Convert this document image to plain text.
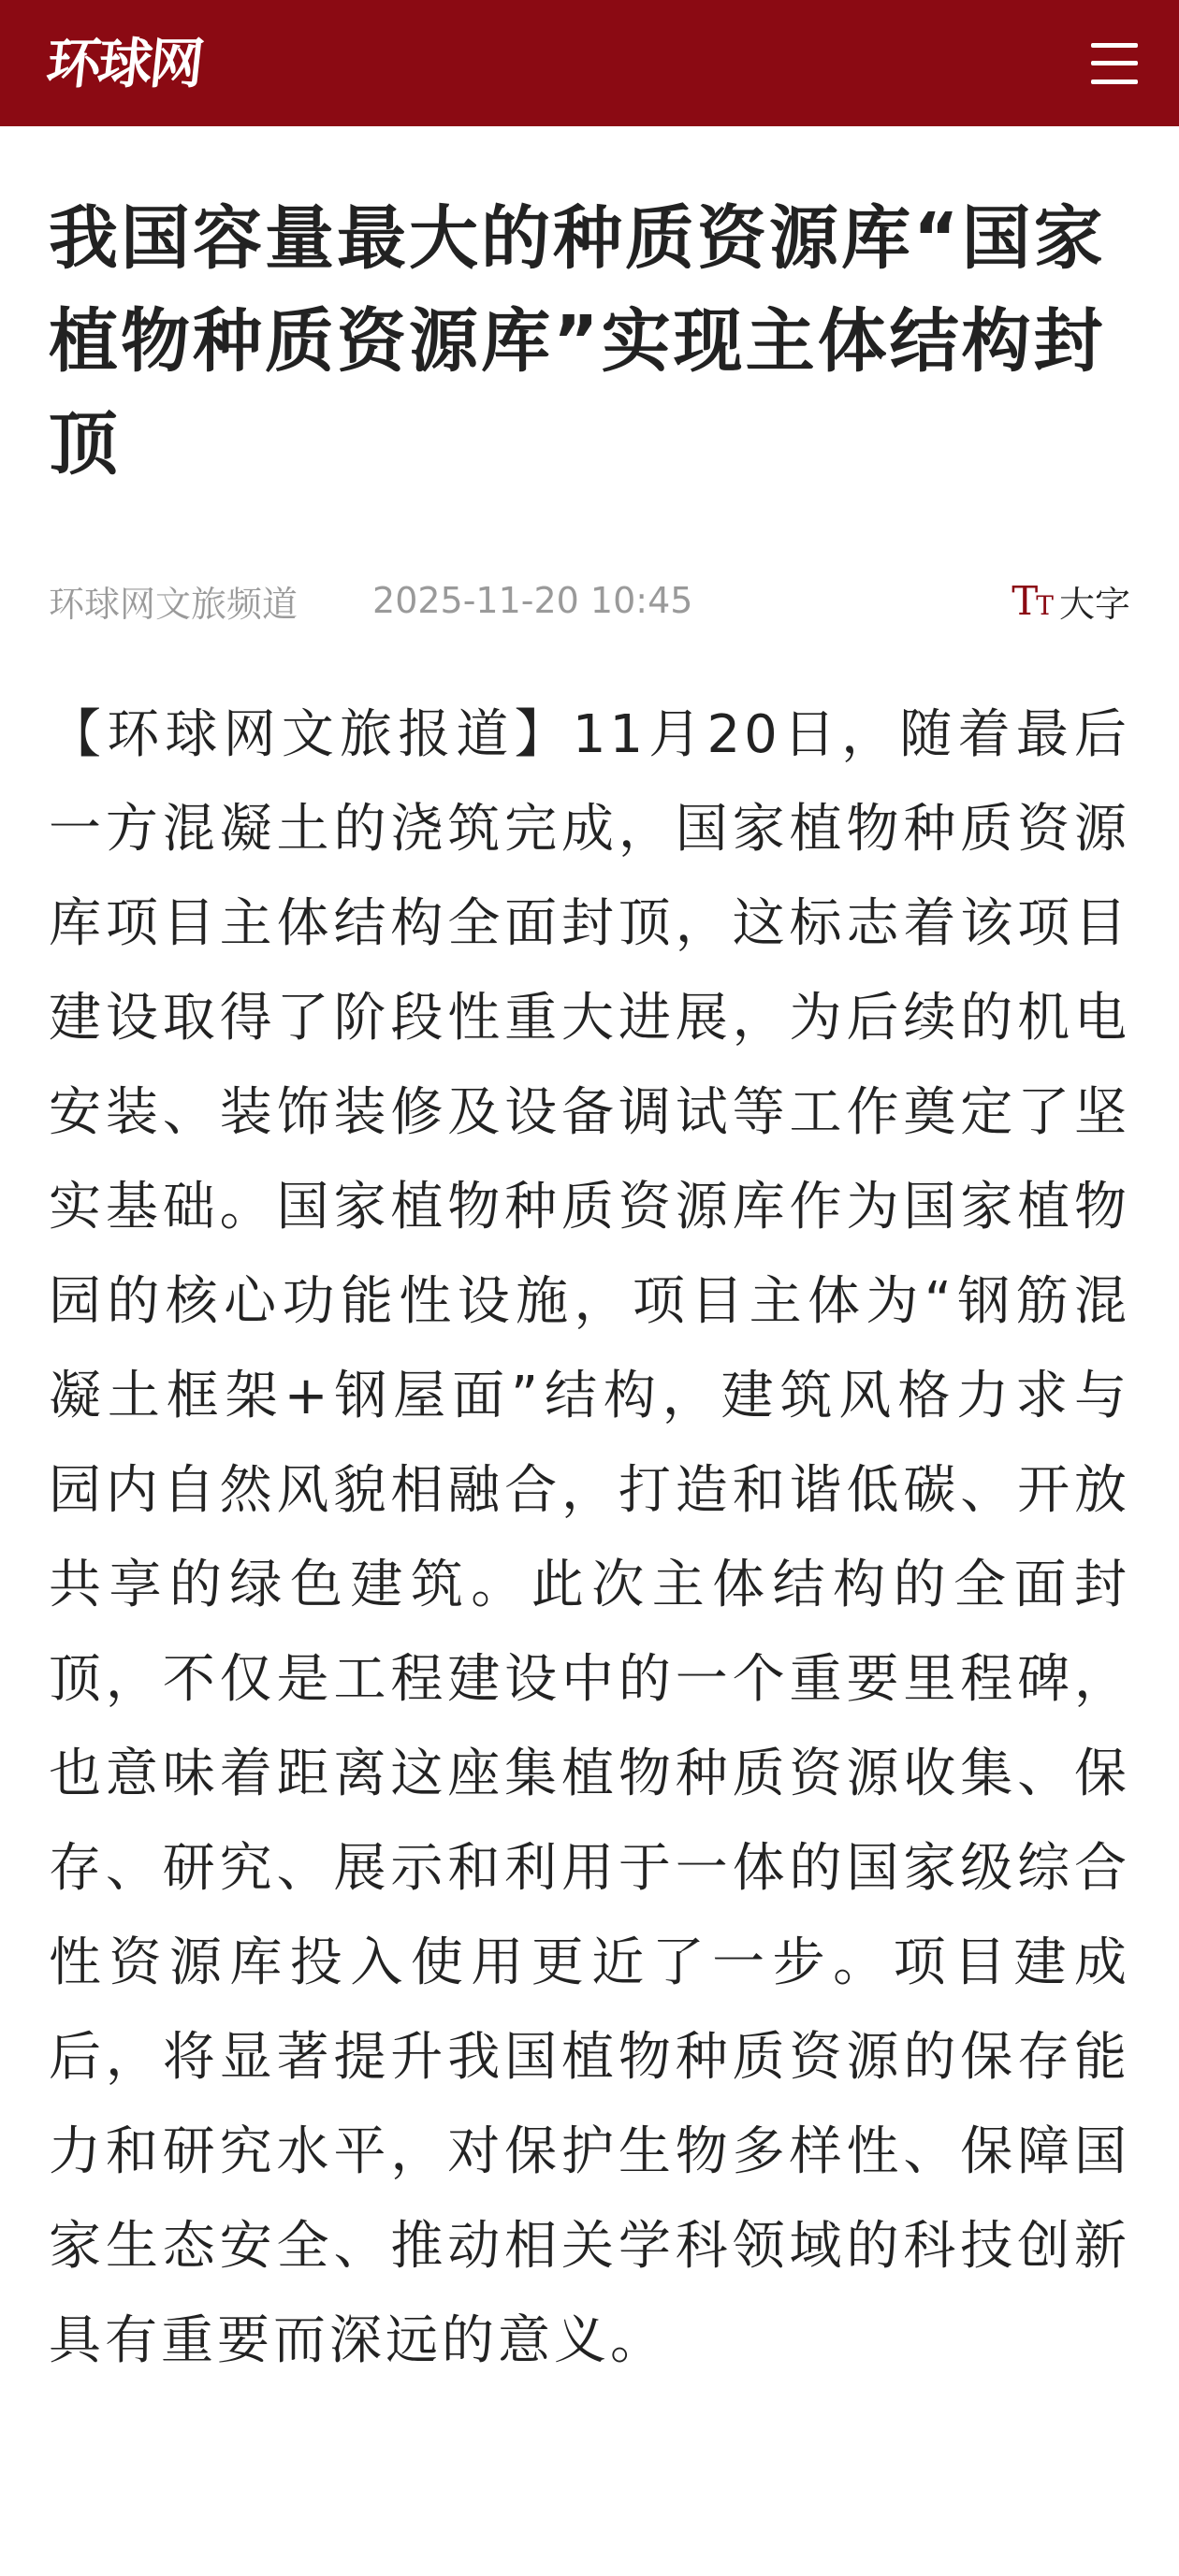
环球网
我国容量最大的种质资源库“国家植物种质资源库”实现主体结构封顶
环球网文旅频道 2025-11-20 10:45	TT 大字

【环球网文旅报道】11月20日，随着最后一方混凝土的浇筑完成，国家植物种质资源库项目主体结构全面封顶，这标志着该项目建设取得了阶段性重大进展，为后续的机电安装、装饰装修及设备调试等工作奠定了坚实基础。国家植物种质资源库作为国家植物园的核心功能性设施，项目主体为“钢筋混凝土框架+钢屋面”结构，建筑风格力求与园内自然风貌相融合，打造和谐低碳、开放共享的绿色建筑。此次主体结构的全面封顶，不仅是工程建设中的一个重要里程碑，也意味着距离这座集植物种质资源收集、保存、研究、展示和利用于一体的国家级综合性资源库投入使用更近了一步。项目建成后，将显著提升我国植物种质资源的保存能力和研究水平，对保护生物多样性、保障国家生态安全、推动相关学科领域的科技创新具有重要而深远的意义。
